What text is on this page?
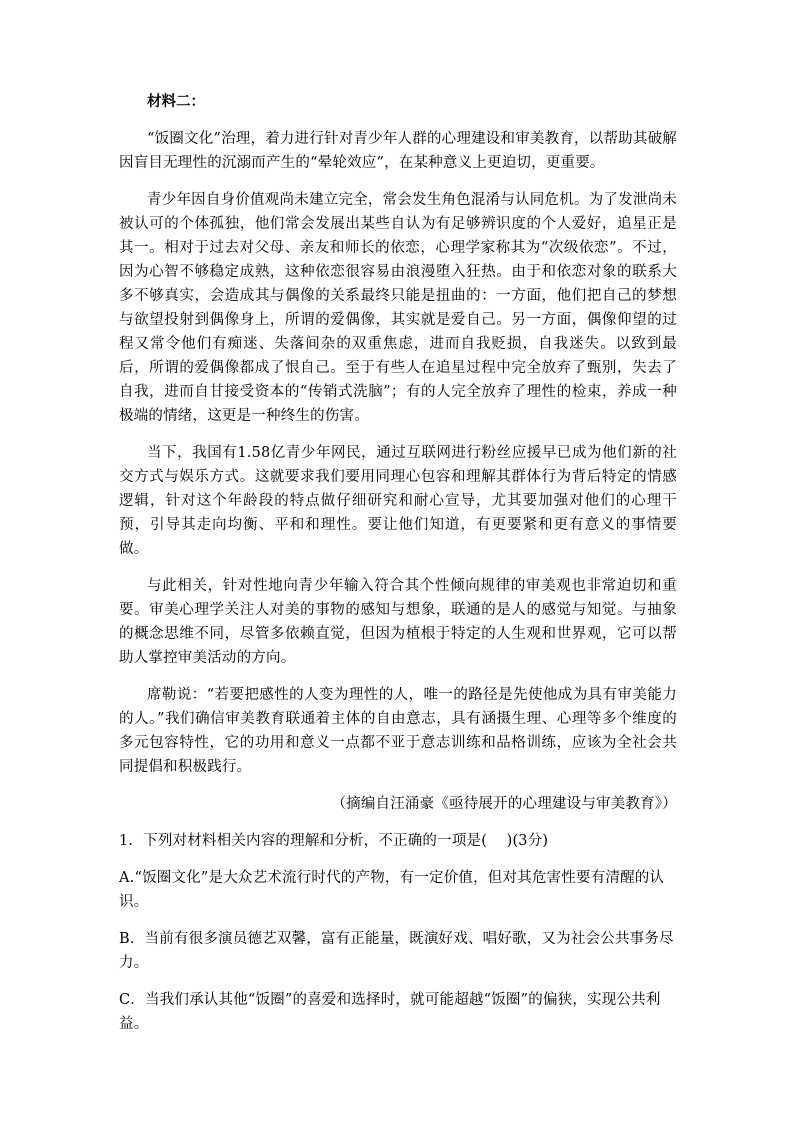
材料二：

“饭圈文化”治理，着力进行针对青少年人群的心理建设和审美教育，以帮助其破解因盲目无理性的沉溺而产生的“晕轮效应”，在某种意义上更迫切，更重要。

青少年因自身价值观尚未建立完全，常会发生角色混淆与认同危机。为了发泄尚未被认可的个体孤独，他们常会发展出某些自认为有足够辨识度的个人爱好，追星正是其一。相对于过去对父母、亲友和师长的依恋，心理学家称其为“次级依恋”。不过，因为心智不够稳定成熟，这种依恋很容易由浪漫堕入狂热。由于和依恋对象的联系大多不够真实，会造成其与偶像的关系最终只能是扭曲的：一方面，他们把自己的梦想与欲望投射到偶像身上，所谓的爱偶像，其实就是爱自己。另一方面，偶像仰望的过程又常令他们有痴迷、失落间杂的双重焦虑，进而自我贬损，自我迷失。以致到最后，所谓的爱偶像都成了恨自己。至于有些人在追星过程中完全放弃了甄别，失去了自我，进而自甘接受资本的“传销式洗脑”；有的人完全放弃了理性的检束，养成一种极端的情绪，这更是一种终生的伤害。

当下，我国有1.58亿青少年网民，通过互联网进行粉丝应援早已成为他们新的社交方式与娱乐方式。这就要求我们要用同理心包容和理解其群体行为背后特定的情感逻辑，针对这个年龄段的特点做仔细研究和耐心宣导，尤其要加强对他们的心理干预，引导其走向均衡、平和和理性。要让他们知道，有更要紧和更有意义的事情要做。

与此相关，针对性地向青少年输入符合其个性倾向规律的审美观也非常迫切和重要。审美心理学关注人对美的事物的感知与想象，联通的是人的感觉与知觉。与抽象的概念思维不同，尽管多依赖直觉，但因为植根于特定的人生观和世界观，它可以帮助人掌控审美活动的方向。

席勒说：“若要把感性的人变为理性的人，唯一的路径是先使他成为具有审美能力的人。”我们确信审美教育联通着主体的自由意志，具有涵摄生理、心理等多个维度的多元包容特性，它的功用和意义一点都不亚于意志训练和品格训练，应该为全社会共同提倡和积极践行。

（摘编自汪涌豪《亟待展开的心理建设与审美教育》）

1．下列对材料相关内容的理解和分析，不正确的一项是(　 )(3分)

A.“饭圈文化”是大众艺术流行时代的产物，有一定价值，但对其危害性要有清醒的认识。

B．当前有很多演员德艺双馨，富有正能量，既演好戏、唱好歌，又为社会公共事务尽力。

C．当我们承认其他“饭圈”的喜爱和选择时，就可能超越“饭圈”的偏狭，实现公共利益。
